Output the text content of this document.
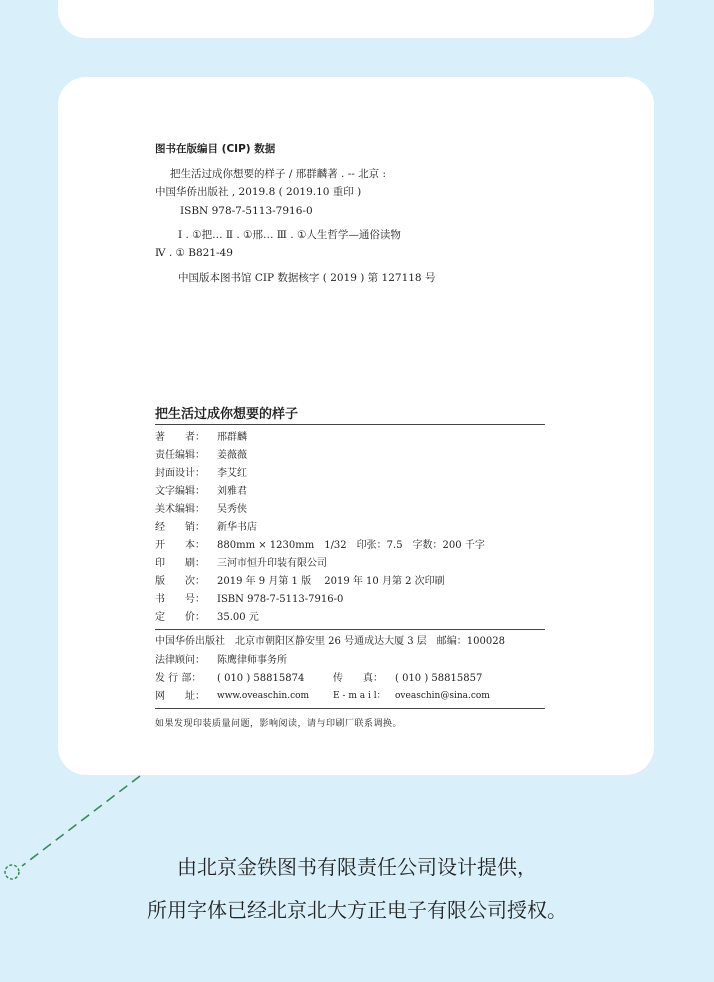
图书在版编目 (CIP) 数据
把生活过成你想要的样子 / 邢群麟著 . -- 北京 :
中国华侨出版社 , 2019.8 ( 2019.10 重印 )
ISBN 978-7-5113-7916-0
Ⅰ . ①把… Ⅱ . ①邢… Ⅲ . ①人生哲学—通俗读物
Ⅳ . ① B821-49
中国版本图书馆 CIP 数据核字 ( 2019 ) 第 127118 号
把生活过成你想要的样子
著　　者：	邢群麟
责任编辑：	姜薇薇
封面设计：	李艾红
文字编辑：	刘雅君
美术编辑：	吴秀侠
经　　销：	新华书店
开　　本：	880mm × 1230mm　1/32　印张：7.5　字数：200 千字
印　　刷：	三河市恒升印装有限公司
版　　次：	2019 年 9 月第 1 版　 2019 年 10 月第 2 次印刷
书　　号：	ISBN 978-7-5113-7916-0
定　　价：	35.00 元
中国华侨出版社　北京市朝阳区静安里 26 号通成达大厦 3 层　邮编：100028
法律顾问：	陈鹰律师事务所
发 行 部：	( 010 ) 58815874	传　　真：	( 010 ) 58815857
网　　址：	www.oveaschin.com	E - m a i l：	oveaschin@sina.com
如果发现印装质量问题，影响阅读，请与印刷厂联系调换。
由北京金铁图书有限责任公司设计提供，
所用字体已经北京北大方正电子有限公司授权。
